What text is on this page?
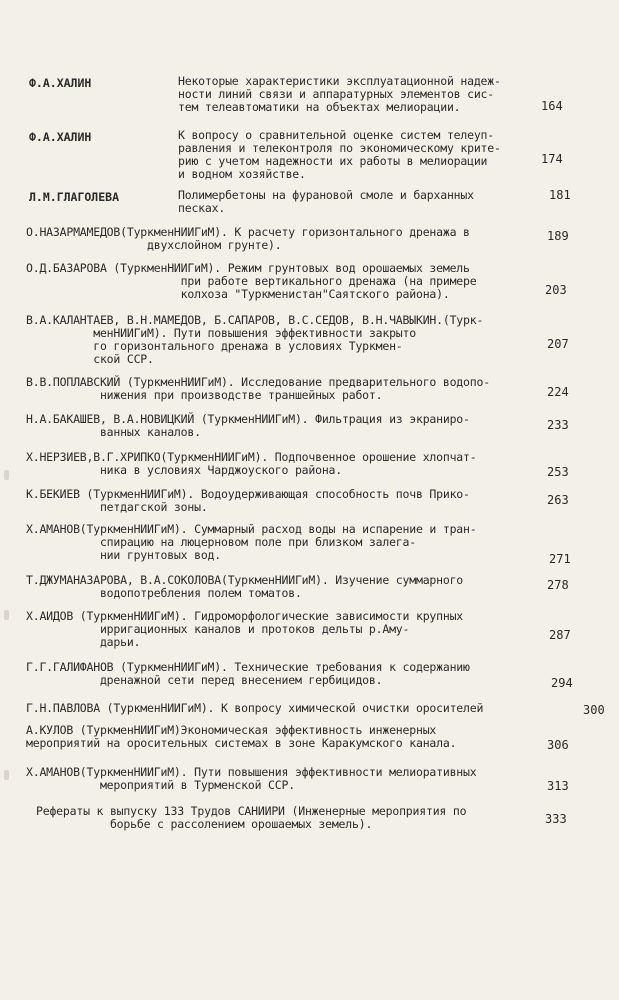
Ф.А.ХАЛИН	Некоторые характеристики эксплуатационной надеж-
ности линий связи и аппаратурных элементов сис-
тем телеавтоматики на объектах мелиорации.	164
Ф.А.ХАЛИН	К вопросу о сравнительной оценке систем телеуп-
равления и телеконтроля по экономическому крите-
рию с учетом надежности их работы в мелиорации
и водном хозяйстве.
174
Л.М.ГЛАГОЛЕВА	Полимербетоны на фурановой смоле и барханных
песках.
181
О.НАЗАРМАМЕДОВ(ТуркменНИИГиМ). К расчету горизонтального дренажа в
двухслойном грунте).
189
О.Д.БАЗАРОВА (ТуркменНИИГиМ). Режим грунтовых вод орошаемых земель
при работе вертикального дренажа (на примере
колхоза "Туркменистан"Саятского района).	203
В.А.КАЛАНТАЕВ, В.Н.МАМЕДОВ, Б.САПАРОВ, В.С.СЕДОВ, В.Н.ЧАВЫКИН.(Турк-
менНИИГиМ). Пути повышения эффективности закрыто
го горизонтального дренажа в условиях Туркмен-
ской ССР.
207
В.В.ПОПЛАВСКИЙ (ТуркменНИИГиМ). Исследование предварительного водопо-
нижения при производстве траншейных работ.	224
Н.А.БАКАШЕВ, В.А.НОВИЦКИЙ (ТуркменНИИГиМ). Фильтрация из экраниро-
ванных каналов.	233
Х.НЕРЗИЕВ,В.Г.ХРИПКО(ТуркменНИИГиМ). Подпочвенное орошение хлопчат-
ника в условиях Чарджоуского района.	253
К.БЕКИЕВ (ТуркменНИИГиМ). Водоудерживающая способность почв Прико-
петдагской зоны.	263
Х.АМАНОВ(ТуркменНИИГиМ). Суммарный расход воды на испарение и тран-
спирацию на люцерновом поле при близком залега-
нии грунтовых вод.	271
Т.ДЖУМАНАЗАРОВА, В.А.СОКОЛОВА(ТуркменНИИГиМ). Изучение суммарного
водопотребления полем томатов.
278
Х.АИДОВ (ТуркменНИИГиМ). Гидроморфологические зависимости крупных
ирригационных каналов и протоков дельты р.Аму-
дарьи.	287
Г.Г.ГАЛИФАНОВ (ТуркменНИИГиМ). Технические требования к содержанию
дренажной сети перед внесением гербицидов.	294
Г.Н.ПАВЛОВА (ТуркменНИИГиМ). К вопросу химической очистки оросителей	300
А.КУЛОВ (ТуркменНИИГиМ)Экономическая эффективность инженерных
мероприятий на оросительных системах в зоне Каракумского канала.	306
Х.АМАНОВ(ТуркменНИИГиМ). Пути повышения эффективности мелиоративных
мероприятий в Турменской ССР.	313
Рефераты к выпуску 133 Трудов САНИИРИ (Инженерные мероприятия по
борьбе с рассолением орошаемых земель).	333
